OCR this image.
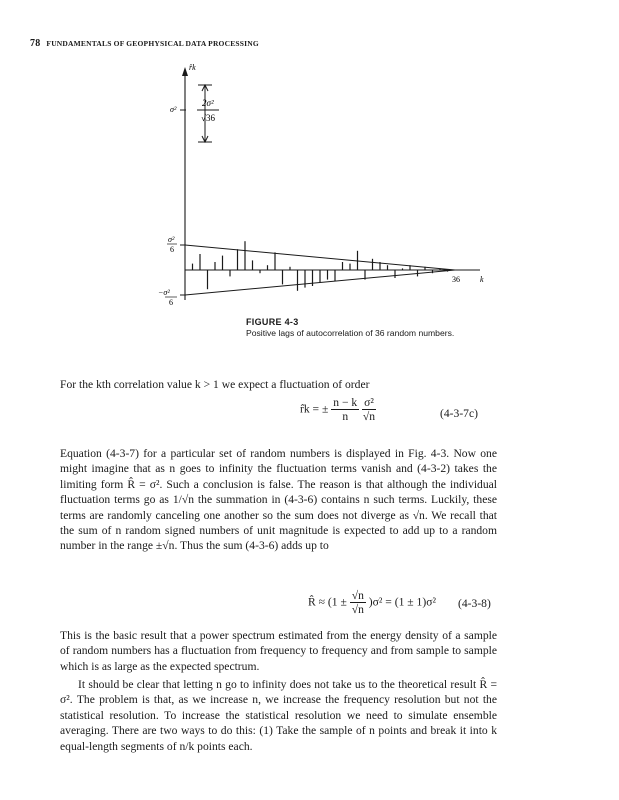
78 FUNDAMENTALS OF GEOPHYSICAL DATA PROCESSING
2σ²
√36
r̂k
σ²
σ²
6
−σ²
6
36	k
FIGURE 4-3
Positive lags of autocorrelation of 36 random numbers.
For the kth correlation value k > 1 we expect a fluctuation of order
r̂k = ± $\frac{n - k}{n}$
$\frac{\text{σ²}}{√n}$	(4-3-7c)
Equation (4-3-7) for a particular set of random numbers is displayed in Fig. 4-3. Now one might imagine that as n goes to infinity the fluctuation terms vanish and (4-3-2) takes the limiting form R̂ = σ². Such a conclusion is false. The reason is that although the individual fluctuation terms go as 1/√n the summation in (4-3-6) contains n such terms. Luckily, these terms are randomly canceling one another so the sum does not diverge as √n. We recall that the sum of n random signed numbers of unit magnitude is expected to add up to a random number in the range ±√n. Thus the sum (4-3-6) adds up to
R̂ ≈ $(1 \pm \frac{√n}{√n} )\sigma^2 = (1 \pm 1)\sigma^2$ (4-3-8)
This is the basic result that a power spectrum estimated from the energy density of a sample of random numbers has a fluctuation from frequency to frequency and from sample to sample which is as large as the expected spectrum.
It should be clear that letting n go to infinity does not take us to the theoretical result R̂ = σ². The problem is that, as we increase n, we increase the frequency resolution but not the statistical resolution. To increase the statistical resolution we need to simulate ensemble averaging. There are two ways to do this: (1) Take the sample of n points and break it into k equal-length segments of n/k points each.
